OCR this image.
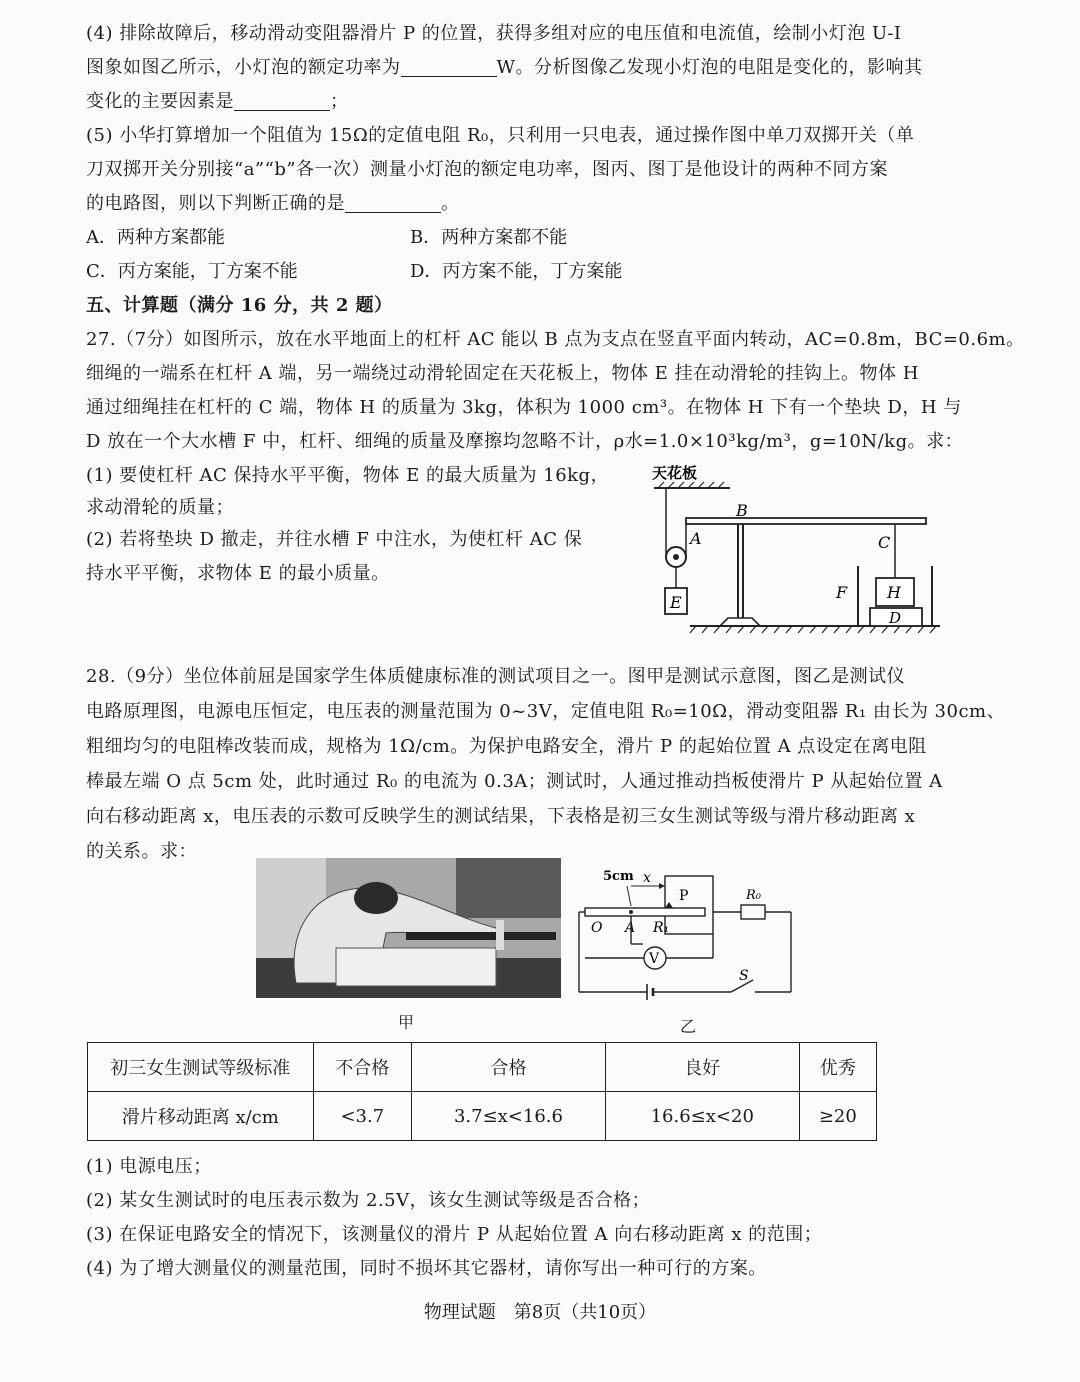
(4) 排除故障后，移动滑动变阻器滑片 P 的位置，获得多组对应的电压值和电流值，绘制小灯泡 U-I
图象如图乙所示，小灯泡的额定功率为	W。分析图像乙发现小灯泡的电阻是变化的，影响其
变化的主要因素是	；
(5) 小华打算增加一个阻值为 15Ω的定值电阻 R₀，只利用一只电表，通过操作图中单刀双掷开关（单
刀双掷开关分别接“a”“b”各一次）测量小灯泡的额定电功率，图丙、图丁是他设计的两种不同方案
的电路图，则以下判断正确的是	。
A．两种方案都能	B．两种方案都不能
C．丙方案能，丁方案不能	D．丙方案不能，丁方案能
五、计算题（满分 16 分，共 2 题）
27.（7分）如图所示，放在水平地面上的杠杆 AC 能以 B 点为支点在竖直平面内转动，AC=0.8m，BC=0.6m。
细绳的一端系在杠杆 A 端，另一端绕过动滑轮固定在天花板上，物体 E 挂在动滑轮的挂钩上。物体 H
通过细绳挂在杠杆的 C 端，物体 H 的质量为 3kg，体积为 1000 cm³。在物体 H 下有一个垫块 D，H 与
D 放在一个大水槽 F 中，杠杆、细绳的质量及摩擦均忽略不计，ρ水=1.0×10³kg/m³，g=10N/kg。求：
(1) 要使杠杆 AC 保持水平平衡，物体 E 的最大质量为 16kg，
求动滑轮的质量；
(2) 若将垫块 D 撤走，并往水槽 F 中注水，为使杠杆 AC 保
持水平平衡，求物体 E 的最小质量。
天花板
E
A
B
C
F H
D
28.（9分）坐位体前屈是国家学生体质健康标准的测试项目之一。图甲是测试示意图，图乙是测试仪
电路原理图，电源电压恒定，电压表的测量范围为 0~3V，定值电阻 R₀=10Ω，滑动变阻器 R₁ 由长为 30cm、
粗细均匀的电阻棒改装而成，规格为 1Ω/cm。为保护电路安全，滑片 P 的起始位置 A 点设定在离电阻
棒最左端 O 点 5cm 处，此时通过 R₀ 的电流为 0.3A；测试时，人通过推动挡板使滑片 P 从起始位置 A
向右移动距离 x，电压表的示数可反映学生的测试结果，下表格是初三女生测试等级与滑片移动距离 x
的关系。求：
甲
5cm x
P
O A R₁
R₀
V
S
乙
初三女生测试等级标准	不合格	合格	良好	优秀
滑片移动距离 x/cm	<3.7	3.7≤x<16.6	16.6≤x<20	≥20
(1) 电源电压；
(2) 某女生测试时的电压表示数为 2.5V，该女生测试等级是否合格；
(3) 在保证电路安全的情况下，该测量仪的滑片 P 从起始位置 A 向右移动距离 x 的范围；
(4) 为了增大测量仪的测量范围，同时不损坏其它器材，请你写出一种可行的方案。
物理试题　第8页（共10页）
